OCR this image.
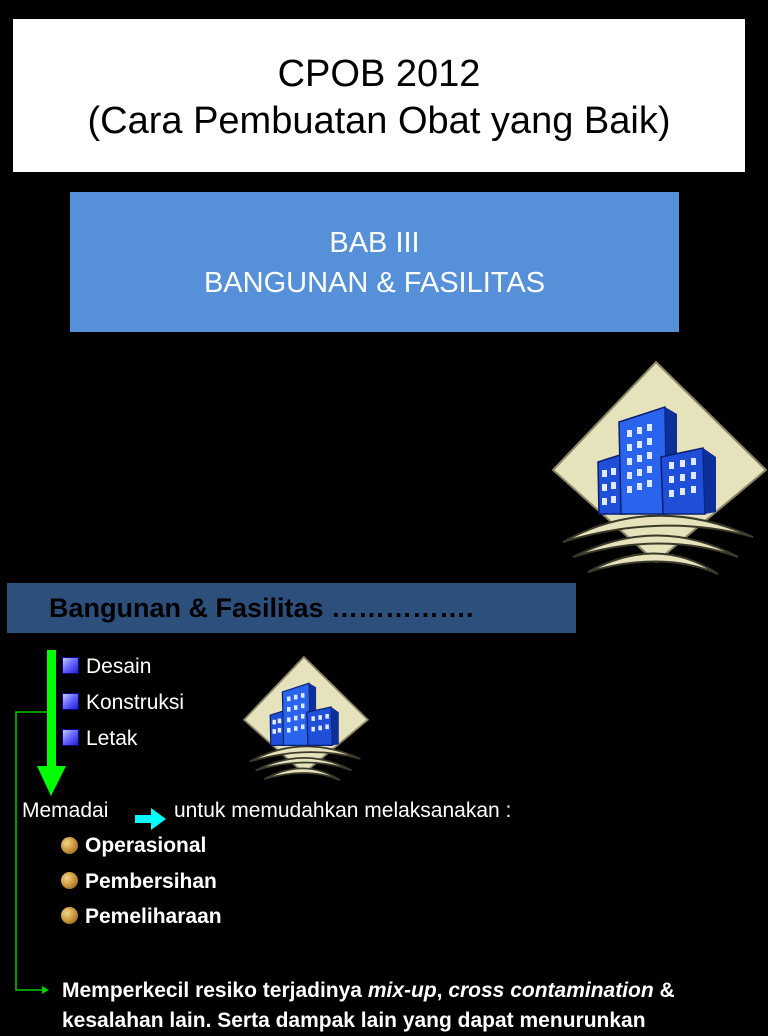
CPOB 2012
(Cara Pembuatan Obat yang Baik)
BAB III
BANGUNAN & FASILITAS
Bangunan & Fasilitas …………….
Desain
Konstruksi
Letak
Memadai	untuk memudahkan melaksanakan :
Operasional
Pembersihan
Pemeliharaan
Memperkecil resiko terjadinya mix-up, cross contamination &
kesalahan lain. Serta dampak lain yang dapat menurunkan
